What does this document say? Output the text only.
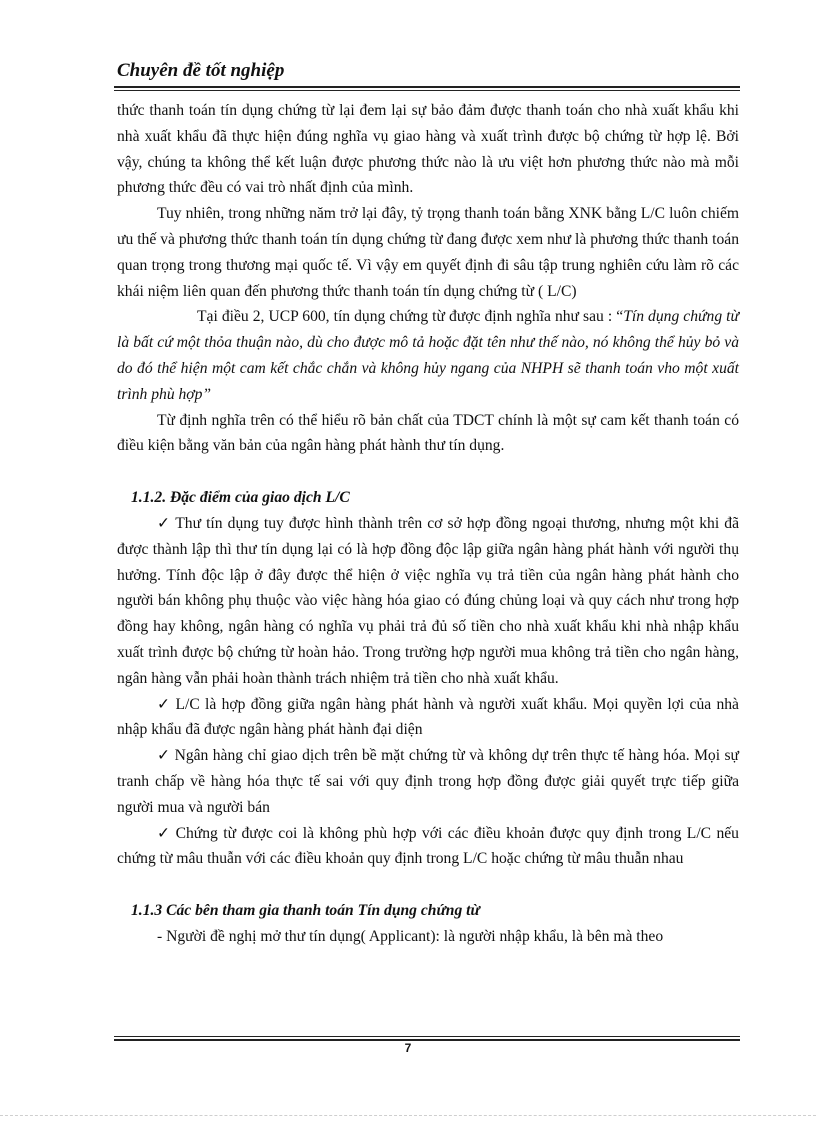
Chuyên đề tốt nghiệp

thức thanh toán tín dụng chứng từ lại đem lại sự bảo đảm được thanh toán cho nhà xuất khẩu khi nhà xuất khẩu đã thực hiện đúng nghĩa vụ giao hàng và xuất trình được bộ chứng từ hợp lệ. Bởi vậy, chúng ta không thể kết luận được phương thức nào là ưu việt hơn phương thức nào mà mỗi phương thức đều có vai trò nhất định của mình.

Tuy nhiên, trong những năm trở lại đây, tỷ trọng thanh toán bằng XNK bằng L/C luôn chiếm ưu thế và phương thức thanh toán tín dụng chứng từ đang được xem như là phương thức thanh toán quan trọng trong thương mại quốc tế. Vì vậy em quyết định đi sâu tập trung nghiên cứu làm rõ các khái niệm liên quan đến phương thức thanh toán tín dụng chứng từ ( L/C)

Tại điều 2, UCP 600, tín dụng chứng từ được định nghĩa như sau : “Tín dụng chứng từ là bất cứ một thỏa thuận nào, dù cho được mô tả hoặc đặt tên như thế nào, nó không thể hủy bỏ và do đó thể hiện một cam kết chắc chắn và không hủy ngang của NHPH sẽ thanh toán vho một xuất trình phù hợp”

Từ định nghĩa trên có thể hiểu rõ bản chất của TDCT chính là một sự cam kết thanh toán có điều kiện bằng văn bản của ngân hàng phát hành thư tín dụng.

1.1.2. Đặc điểm của giao dịch L/C

✓ Thư tín dụng tuy được hình thành trên cơ sở hợp đồng ngoại thương, nhưng một khi đã được thành lập thì thư tín dụng lại có là hợp đồng độc lập giữa ngân hàng phát hành với người thụ hưởng. Tính độc lập ở đây được thể hiện ở việc nghĩa vụ trả tiền của ngân hàng phát hành cho người bán không phụ thuộc vào việc hàng hóa giao có đúng chủng loại và quy cách như trong hợp đồng hay không, ngân hàng có nghĩa vụ phải trả đủ số tiền cho nhà xuất khẩu khi nhà nhập khẩu xuất trình được bộ chứng từ hoàn hảo. Trong trường hợp người mua không trả tiền cho ngân hàng, ngân hàng vẫn phải hoàn thành trách nhiệm trả tiền cho nhà xuất khẩu.

✓ L/C là hợp đồng giữa ngân hàng phát hành và người xuất khẩu. Mọi quyền lợi của nhà nhập khẩu đã được ngân hàng phát hành đại diện

✓ Ngân hàng chỉ giao dịch trên bề mặt chứng từ và không dự trên thực tế hàng hóa. Mọi sự tranh chấp về hàng hóa thực tế sai với quy định trong hợp đồng được giải quyết trực tiếp giữa người mua và người bán

✓ Chứng từ được coi là không phù hợp với các điều khoản được quy định trong L/C nếu chứng từ mâu thuẫn với các điều khoản quy định trong L/C hoặc chứng từ mâu thuẫn nhau

1.1.3 Các bên tham gia thanh toán Tín dụng chứng từ

- Người đề nghị mở thư tín dụng( Applicant): là người nhập khẩu, là bên mà theo

7
